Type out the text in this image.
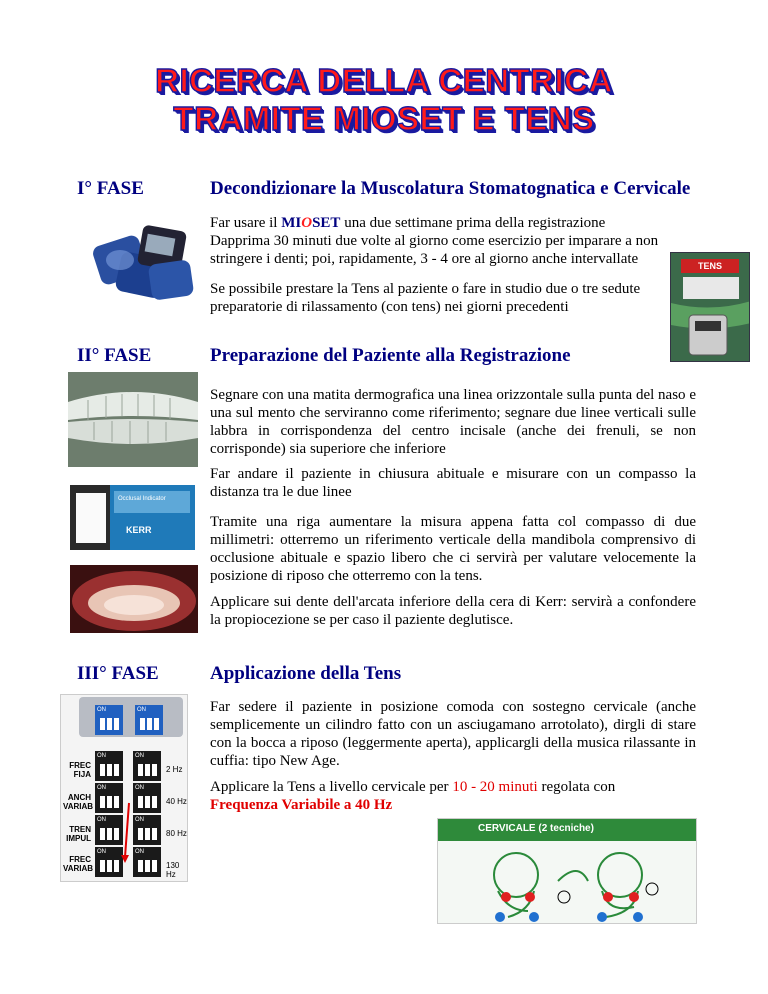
RICERCA DELLA CENTRICA
TRAMITE MIOSET E TENS
I° FASE	Decondizionare la Muscolatura Stomatognatica e Cervicale
Far usare il MIOSET una due settimane prima della registrazione
Dapprima 30 minuti due volte al giorno come esercizio per imparare a non stringere i denti; poi, rapidamente, 3 - 4 ore al giorno anche intervallate
Se possibile prestare la Tens al paziente o fare in studio due o tre sedute preparatorie di rilassamento (con tens) nei giorni precedenti
TENS
II° FASE	Preparazione del Paziente alla Registrazione
Segnare con una matita dermografica una linea orizzontale sulla punta del naso e una sul mento che serviranno come riferimento; segnare due linee verticali sulle labbra in corrispondenza del centro incisale (anche dei frenuli, se non corrisponde) sia superiore che inferiore
Far andare il paziente in chiusura abituale e misurare con un compasso la distanza tra le due linee
Tramite una riga aumentare la misura appena fatta col compasso di due millimetri: otterremo un riferimento verticale della mandibola comprensivo di occlusione abituale e spazio libero che ci servirà per valutare velocemente la posizione di riposo che otterremo con la tens.
Applicare sui dente dell'arcata inferiore della cera di Kerr: servirà a confondere la propiocezione se per caso il paziente deglutisce.
Occlusal Indicator
KERR
III° FASE	Applicazione della Tens
Far sedere il paziente in posizione comoda con sostegno cervicale (anche semplicemente un cilindro fatto con un asciugamano arrotolato), dirgli di stare con la bocca a riposo (leggermente aperta), applicargli della musica rilassante in cuffia: tipo New Age.
Applicare la Tens a livello cervicale per 10 - 20 minuti regolata con
Frequenza Variabile a 40 Hz
ON	ON
FREC FIJA
ON	ON
2 Hz
ANCH VARIAB
ON	ON
40 Hz
TREN IMPUL
ON	ON
80 Hz
FREC VARIAB
ON	ON
130 Hz
CERVICALE (2 tecniche)
